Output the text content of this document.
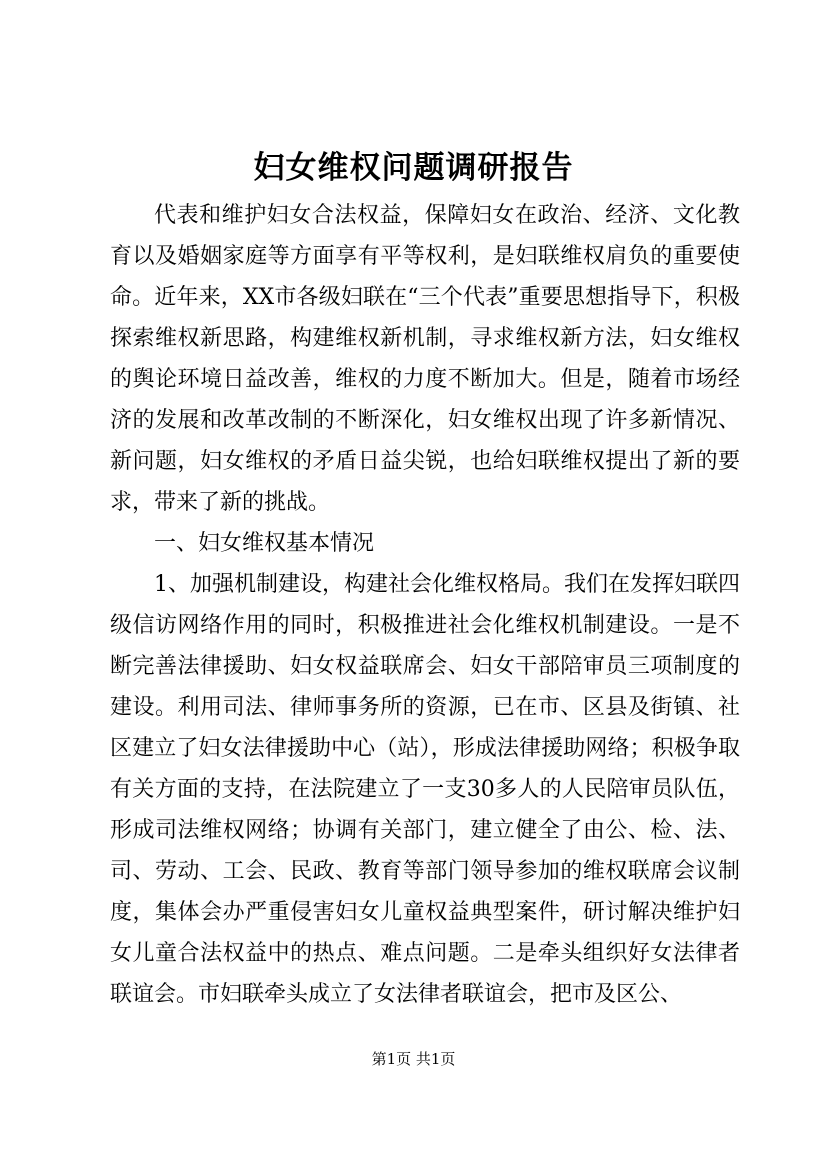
妇女维权问题调研报告

代表和维护妇女合法权益，保障妇女在政治、经济、文化教育以及婚姻家庭等方面享有平等权利，是妇联维权肩负的重要使命。近年来，XX市各级妇联在“三个代表”重要思想指导下，积极探索维权新思路，构建维权新机制，寻求维权新方法，妇女维权的舆论环境日益改善，维权的力度不断加大。但是，随着市场经济的发展和改革改制的不断深化，妇女维权出现了许多新情况、新问题，妇女维权的矛盾日益尖锐，也给妇联维权提出了新的要求，带来了新的挑战。

一、妇女维权基本情况

1、加强机制建设，构建社会化维权格局。我们在发挥妇联四级信访网络作用的同时，积极推进社会化维权机制建设。一是不断完善法律援助、妇女权益联席会、妇女干部陪审员三项制度的建设。利用司法、律师事务所的资源，已在市、区县及街镇、社区建立了妇女法律援助中心（站），形成法律援助网络；积极争取有关方面的支持，在法院建立了一支30多人的人民陪审员队伍，形成司法维权网络；协调有关部门，建立健全了由公、检、法、司、劳动、工会、民政、教育等部门领导参加的维权联席会议制度，集体会办严重侵害妇女儿童权益典型案件，研讨解决维护妇女儿童合法权益中的热点、难点问题。二是牵头组织好女法律者联谊会。市妇联牵头成立了女法律者联谊会，把市及区公、

第1页 共1页
